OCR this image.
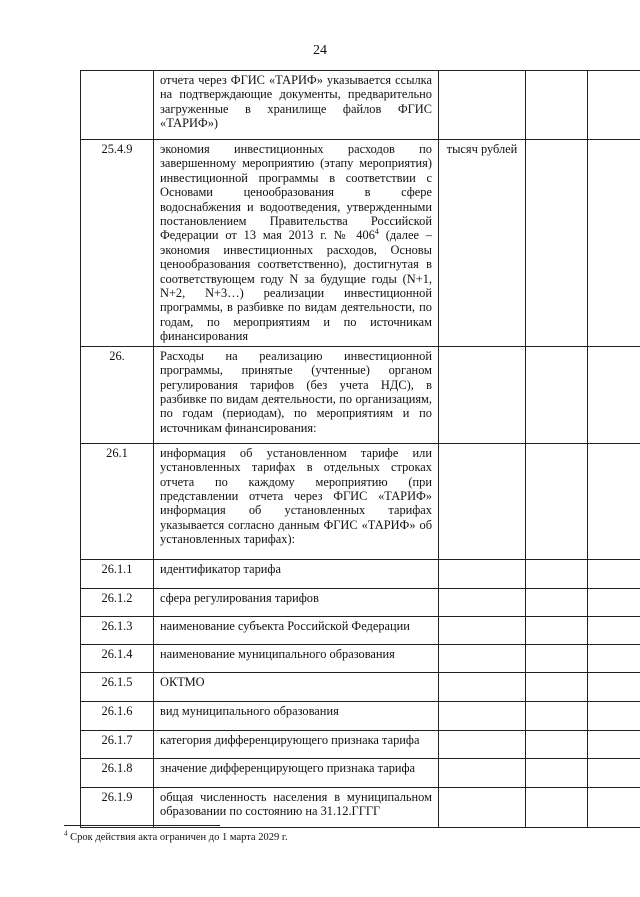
24
	отчета через ФГИС «ТАРИФ» указывается ссылка на подтверждающие документы, предварительно загруженные в хранилище файлов ФГИС «ТАРИФ»)			
25.4.9	экономия инвестиционных расходов по завершенному мероприятию (этапу мероприятия) инвестиционной программы в соответствии с Основами ценообразования в сфере водоснабжения и водоотведения, утвержденными постановлением Правительства Российской Федерации от 13 мая 2013 г. № $406^4$ (далее – экономия инвестиционных расходов, Основы ценообразования соответственно), достигнутая в соответствующем году N за будущие годы (N+1, N+2, N+3…) реализации инвестиционной программы, в разбивке по видам деятельности, по годам, по мероприятиям и по источникам финансирования	тысяч рублей		
26.	Расходы на реализацию инвестиционной программы, принятые (учтенные) органом регулирования тарифов (без учета НДС), в разбивке по видам деятельности, по организациям, по годам (периодам), по мероприятиям и по источникам финансирования:			
26.1	информация об установленном тарифе или установленных тарифах в отдельных строках отчета по каждому мероприятию (при представлении отчета через ФГИС «ТАРИФ» информация об установленных тарифах указывается согласно данным ФГИС «ТАРИФ» об установленных тарифах):			
26.1.1	идентификатор тарифа			
26.1.2	сфера регулирования тарифов			
26.1.3	наименование субъекта Российской Федерации			
26.1.4	наименование муниципального образования			
26.1.5	ОКТМО			
26.1.6	вид муниципального образования			
26.1.7	категория дифференцирующего признака тарифа			
26.1.8	значение дифференцирующего признака тарифа			
26.1.9	общая численность населения в муниципальном образовании по состоянию на 31.12.ГГГГ			
$^4$ Срок действия акта ограничен до 1 марта 2029 г.
